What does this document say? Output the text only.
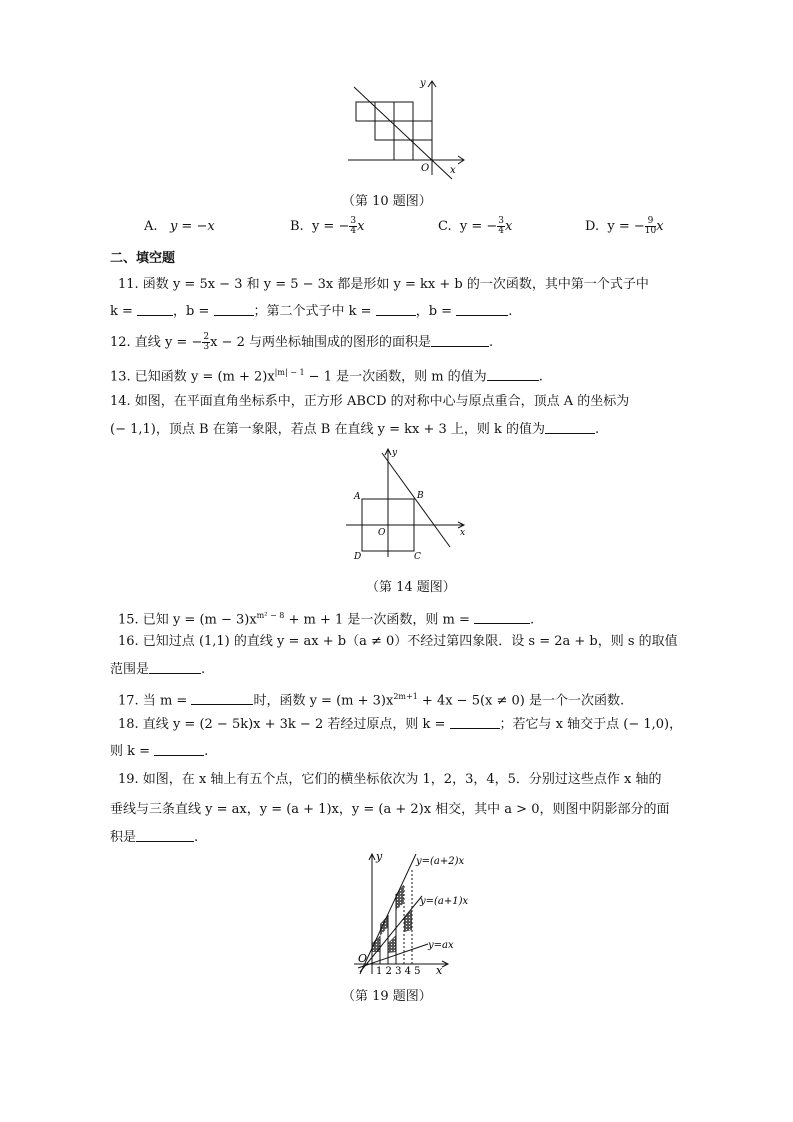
y
x
O
（第 10 题图）
A. y = −x	B. y = − $\frac{3}{4}$ x	C. y = − $\frac{3}{4}$ x	D. y = − $\frac{9}{10}$ x
二、填空题
11. 函数 y = 5x − 3 和 y = 5 − 3x 都是形如 y = kx + b 的一次函数，其中第一个式子中
k =	，b =	；第二个式子中 k =	，b =	.
12. 直线 y = − $\frac{2}{3}$ x − 2 与两坐标轴围成的图形的面积是	.
13. 已知函数 $y = (m + 2)x^{|m| - 1} - 1$ 是一次函数，则 m 的值为	.
14. 如图，在平面直角坐标系中，正方形 ABCD 的对称中心与原点重合，顶点 A 的坐标为
(− 1,1)，顶点 B 在第一象限，若点 B 在直线 y = kx + 3 上，则 k 的值为	.
A	B
C
D
O	x
y
（第 14 题图）
15. 已知 $y = (m - 3)x^{m^2 - 8} + m + 1$ 是一次函数，则 m =	.
16. 已知过点 (1,1) 的直线 y = ax + b（a ≠ 0）不经过第四象限．设 s = 2a + b，则 s 的取值
范围是	.
17. 当 m =	时，函数 $y = (m + 3)x^{2m+1} + 4x - 5(x \ne 0)$ 是一个一次函数.
18. 直线 y = (2 − 5k)x + 3k − 2 若经过原点，则 k =	；若它与 x 轴交于点 (− 1,0)，
则 k =	.
19. 如图，在 x 轴上有五个点，它们的横坐标依次为 1，2，3，4，5．分别过这些点作 x 轴的
垂线与三条直线 y = ax，y = (a + 1)x，y = (a + 2)x 相交，其中 a > 0，则图中阴影部分的面
积是	.
y=(a+2)x
y=(a+1)x
y=ax
O
x
y
1 2 3 4 5
（第 19 题图）
